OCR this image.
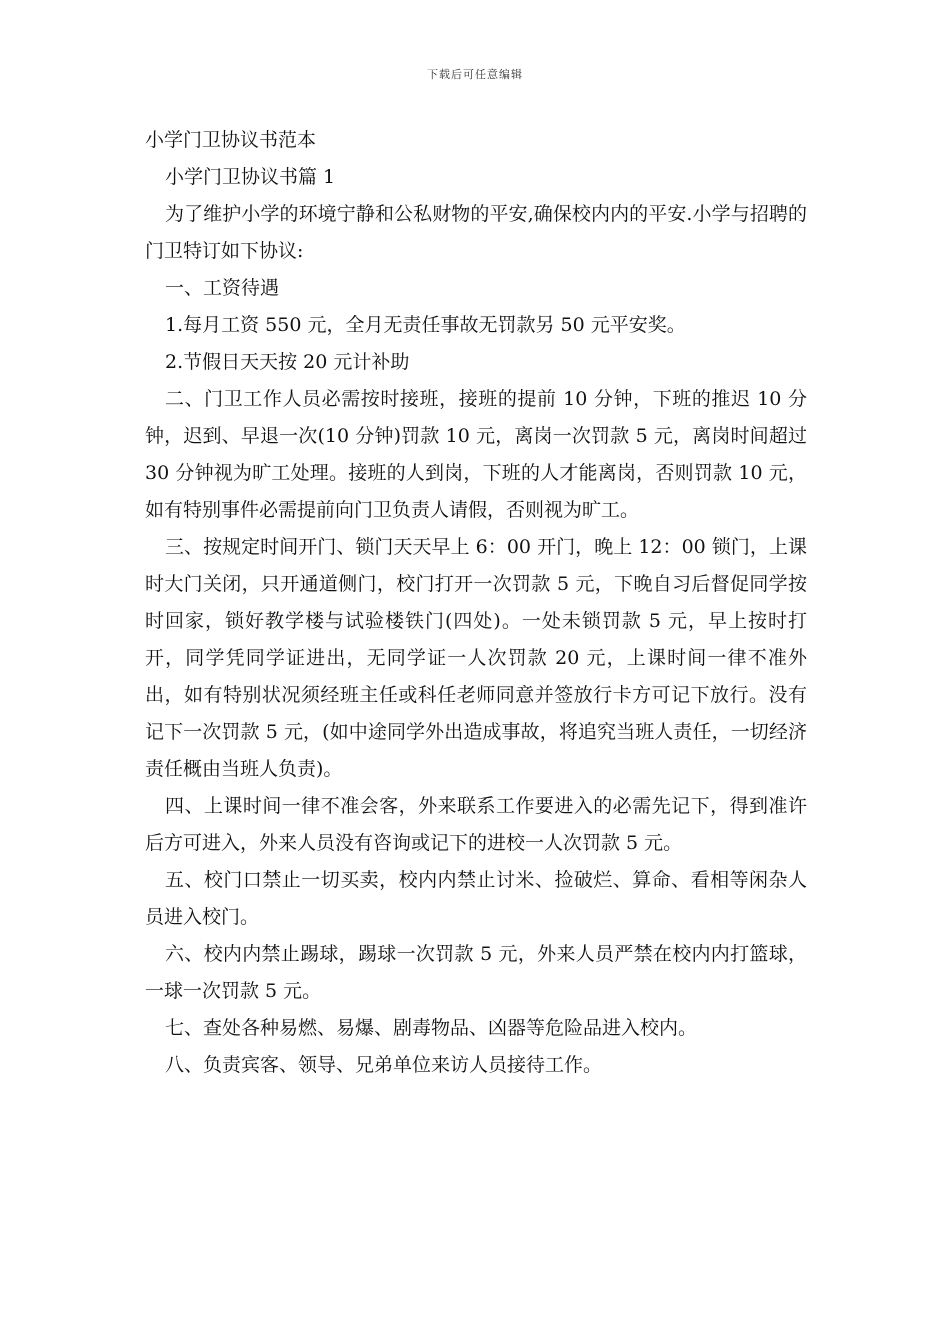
下载后可任意编辑

小学门卫协议书范本

小学门卫协议书篇 1

为了维护小学的环境宁静和公私财物的平安,确保校内内的平安.小学与招聘的门卫特订如下协议:

一、工资待遇

1.每月工资 550 元，全月无责任事故无罚款另 50 元平安奖。

2.节假日天天按 20 元计补助

二、门卫工作人员必需按时接班，接班的提前 10 分钟，下班的推迟 10 分钟，迟到、早退一次(10 分钟)罚款 10 元，离岗一次罚款 5 元，离岗时间超过 30 分钟视为旷工处理。接班的人到岗，下班的人才能离岗，否则罚款 10 元，如有特别事件必需提前向门卫负责人请假，否则视为旷工。

三、按规定时间开门、锁门天天早上 6：00 开门，晚上 12：00 锁门，上课时大门关闭，只开通道侧门，校门打开一次罚款 5 元，下晚自习后督促同学按时回家，锁好教学楼与试验楼铁门(四处)。一处未锁罚款 5 元，早上按时打开，同学凭同学证进出，无同学证一人次罚款 20 元，上课时间一律不准外出，如有特别状况须经班主任或科任老师同意并签放行卡方可记下放行。没有记下一次罚款 5 元，(如中途同学外出造成事故，将追究当班人责任，一切经济责任概由当班人负责)。

四、上课时间一律不准会客，外来联系工作要进入的必需先记下，得到准许后方可进入，外来人员没有咨询或记下的进校一人次罚款 5 元。

五、校门口禁止一切买卖，校内内禁止讨米、捡破烂、算命、看相等闲杂人员进入校门。

六、校内内禁止踢球，踢球一次罚款 5 元，外来人员严禁在校内内打篮球，一球一次罚款 5 元。

七、查处各种易燃、易爆、剧毒物品、凶器等危险品进入校内。

八、负责宾客、领导、兄弟单位来访人员接待工作。
